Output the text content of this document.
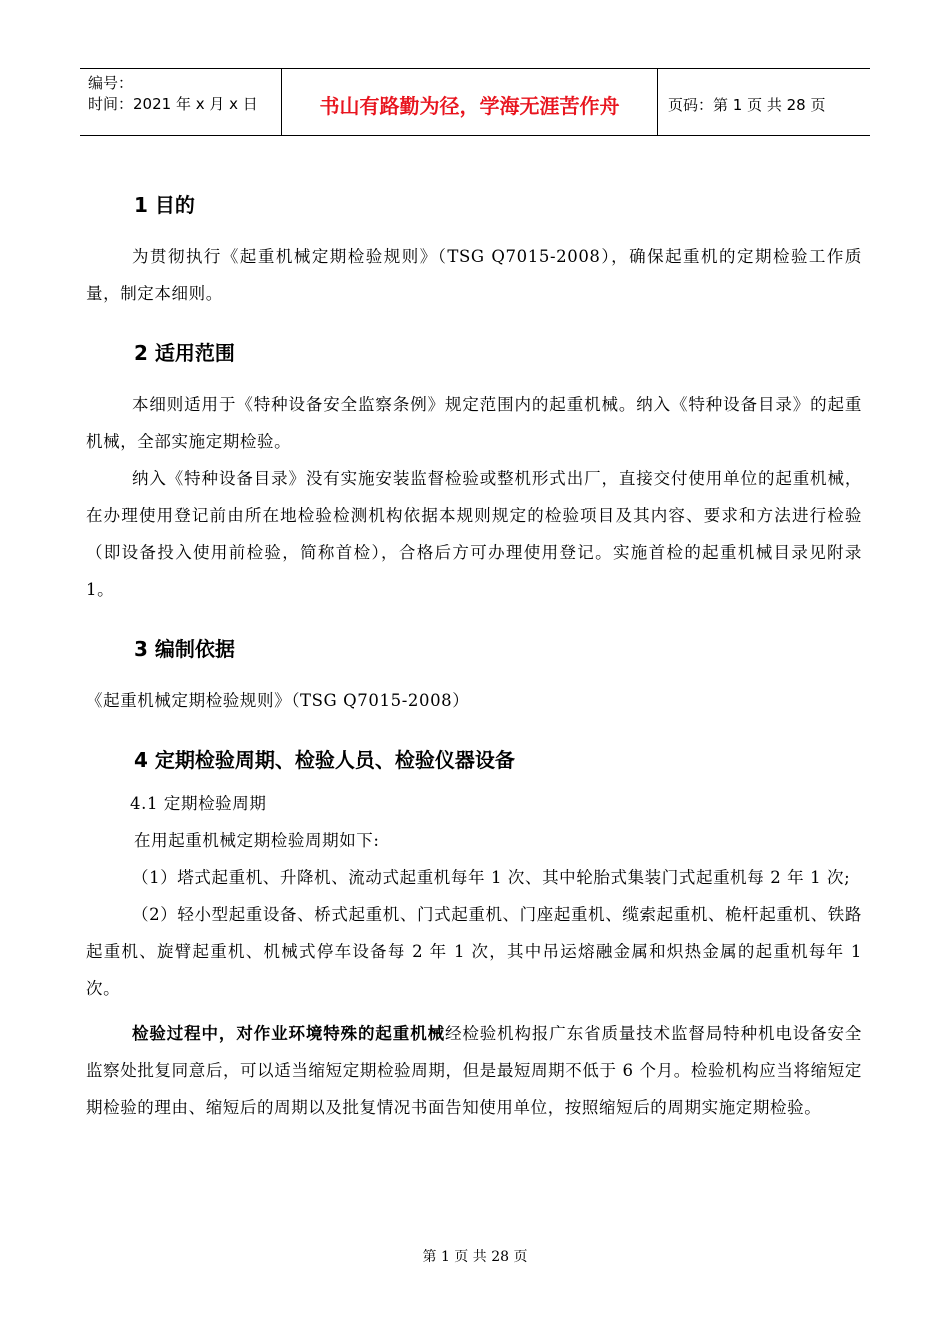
编号：
时间：2021 年 x 月 x 日	书山有路勤为径，学海无涯苦作舟	页码：第 1 页 共 28 页
1 目的

为贯彻执行《起重机械定期检验规则》（TSG Q7015-2008），确保起重机的定期检验工作质量，制定本细则。

2 适用范围

本细则适用于《特种设备安全监察条例》规定范围内的起重机械。纳入《特种设备目录》的起重机械，全部实施定期检验。

纳入《特种设备目录》没有实施安装监督检验或整机形式出厂，直接交付使用单位的起重机械，在办理使用登记前由所在地检验检测机构依据本规则规定的检验项目及其内容、要求和方法进行检验（即设备投入使用前检验，简称首检），合格后方可办理使用登记。实施首检的起重机械目录见附录 1。

3 编制依据

《起重机械定期检验规则》（TSG Q7015-2008）

4 定期检验周期、检验人员、检验仪器设备

4.1 定期检验周期

在用起重机械定期检验周期如下:

（1）塔式起重机、升降机、流动式起重机每年 1 次、其中轮胎式集装门式起重机每 2 年 1 次;

（2）轻小型起重设备、桥式起重机、门式起重机、门座起重机、缆索起重机、桅杆起重机、铁路起重机、旋臂起重机、机械式停车设备每 2 年 1 次，其中吊运熔融金属和炽热金属的起重机每年 1 次。

检验过程中，对作业环境特殊的起重机械经检验机构报广东省质量技术监督局特种机电设备安全监察处批复同意后，可以适当缩短定期检验周期，但是最短周期不低于 6 个月。检验机构应当将缩短定期检验的理由、缩短后的周期以及批复情况书面告知使用单位，按照缩短后的周期实施定期检验。

第 1 页 共 28 页
